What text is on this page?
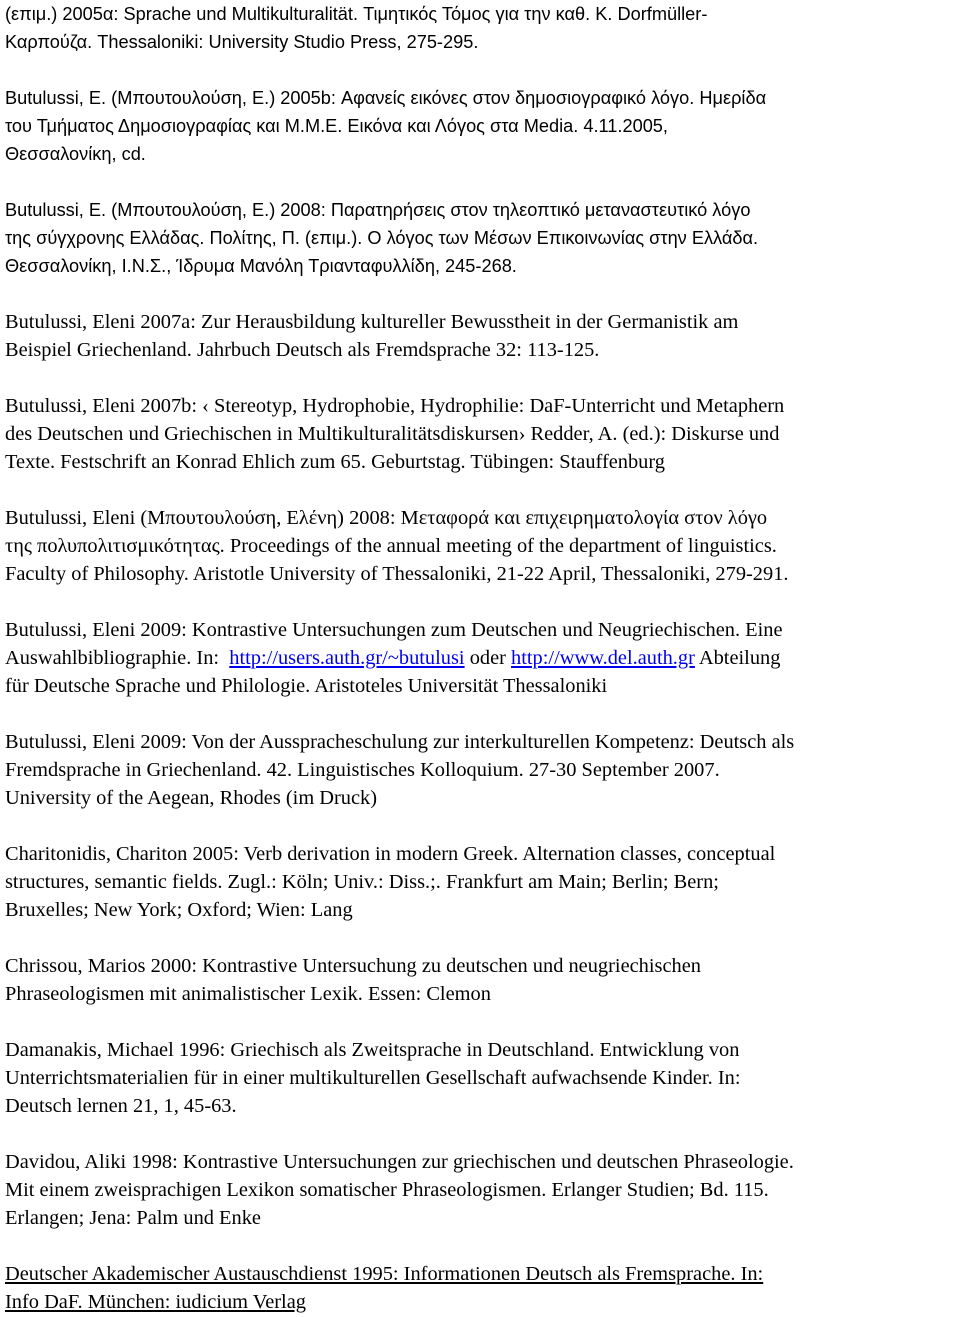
(επιμ.) 2005α: Sprache und Multikulturalität. Τιμητικός Τόμος για την καθ. Κ. Dorfmüller-
Καρπούζα. Thessaloniki: University Studio Press, 275-295.

Butulussi, E. (Μπουτουλούση, Ε.) 2005b: Αφανείς εικόνες στον δημοσιογραφικό λόγο. Ημερίδα
του Τμήματος Δημοσιογραφίας και Μ.Μ.Ε. Εικόνα και Λόγος στα Media. 4.11.2005,
Θεσσαλονίκη, cd.

Butulussi, E. (Μπουτουλούση, Ε.) 2008: Παρατηρήσεις στον τηλεοπτικό μεταναστευτικό λόγο
της σύγχρονης Ελλάδας. Πολίτης, Π. (επιμ.). Ο λόγος των Μέσων Επικοινωνίας στην Ελλάδα.
Θεσσαλονίκη, Ι.Ν.Σ., Ίδρυμα Μανόλη Τριανταφυλλίδη, 245-268.

Butulussi, Eleni 2007a: Zur Herausbildung kultureller Bewusstheit in der Germanistik am
Beispiel Griechenland. Jahrbuch Deutsch als Fremdsprache 32: 113-125.

Butulussi, Eleni 2007b: ‹ Stereotyp, Hydrophobie, Hydrophilie: DaF-Unterricht und Metaphern
des Deutschen und Griechischen in Multikulturalitätsdiskursen› Redder, A. (ed.): Diskurse und
Texte. Festschrift an Konrad Ehlich zum 65. Geburtstag. Tübingen: Stauffenburg

Butulussi, Eleni (Μπουτουλούση, Ελένη) 2008: Μεταφορά και επιχειρηματολογία στον λόγο
της πολυπολιτισμικότητας. Proceedings of the annual meeting of the department of linguistics.
Faculty of Philosophy. Aristotle University of Thessaloniki, 21-22 April, Thessaloniki, 279-291.

Butulussi, Eleni 2009: Kontrastive Untersuchungen zum Deutschen und Neugriechischen. Eine
Auswahlbibliographie. In:  http://users.auth.gr/~butulusi oder http://www.del.auth.gr Abteilung
für Deutsche Sprache und Philologie. Aristoteles Universität Thessaloniki

Butulussi, Eleni 2009: Von der Ausspracheschulung zur interkulturellen Kompetenz: Deutsch als
Fremdsprache in Griechenland. 42. Linguistisches Kolloquium. 27-30 September 2007.
University of the Aegean, Rhodes (im Druck)

Charitonidis, Chariton 2005: Verb derivation in modern Greek. Alternation classes, conceptual
structures, semantic fields. Zugl.: Köln; Univ.: Diss.;. Frankfurt am Main; Berlin; Bern;
Bruxelles; New York; Oxford; Wien: Lang

Chrissou, Marios 2000: Kontrastive Untersuchung zu deutschen und neugriechischen
Phraseologismen mit animalistischer Lexik. Essen: Clemon

Damanakis, Michael 1996: Griechisch als Zweitsprache in Deutschland. Entwicklung von
Unterrichtsmaterialien für in einer multikulturellen Gesellschaft aufwachsende Kinder. In:
Deutsch lernen 21, 1, 45-63.

Davidou, Aliki 1998: Kontrastive Untersuchungen zur griechischen und deutschen Phraseologie.
Mit einem zweisprachigen Lexikon somatischer Phraseologismen. Erlanger Studien; Bd. 115.
Erlangen; Jena: Palm und Enke

Deutscher Akademischer Austauschdienst 1995: Informationen Deutsch als Fremsprache. In:
Info DaF. München: iudicium Verlag
